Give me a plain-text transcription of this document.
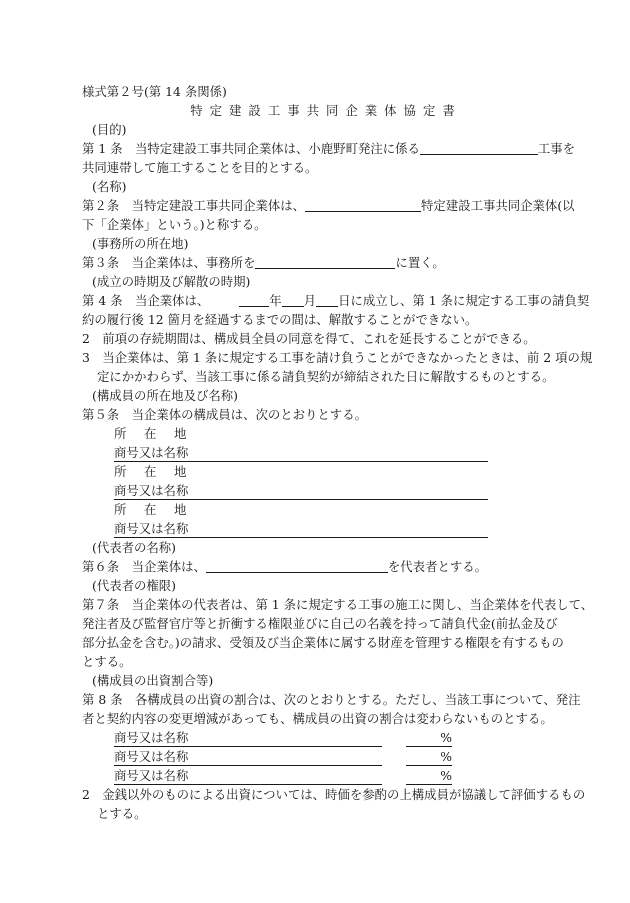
様式第２号(第 14 条関係)
特定建設工事共同企業体協定書
(目的)
第 1 条　 当特定建設工事共同企業体は、小鹿野町発注に係る	工事を
共同連帯して施工することを目的とする。
(名称)
第２条　 当特定建設工事共同企業体は、	特定建設工事共同企業体(以
下「企業体」という。)と称する。
(事務所の所在地)
第３条　 当企業体は、事務所を	に置く。
(成立の時期及び解散の時期)
第 4 条　 当企業体は、	年 月 日に成立し、第 1 条に規定する工事の請負契
約の履行後 12 箇月を経過するまでの間は、解散することができない。
2　前項の存続期間は、構成員全員の同意を得て、これを延長することができる。
3　当企業体は、第 1 条に規定する工事を請け負うことができなかったときは、前 2 項の規
定にかかわらず、当該工事に係る請負契約が締結された日に解散するものとする。
(構成員の所在地及び名称)
第５条　 当企業体の構成員は、次のとおりとする。
所 在 地
商号又は名称
所 在 地
商号又は名称
所 在 地
商号又は名称
(代表者の名称)
第６条　 当企業体は、	を代表者とする。
(代表者の権限)
第７条　 当企業体の代表者は、第 1 条に規定する工事の施工に関し、当企業体を代表して、
発注者及び監督官庁等と折衝する権限並びに自己の名義を持って請負代金(前払金及び
部分払金を含む。)の請求、受領及び当企業体に属する財産を管理する権限を有するもの
とする。
(構成員の出資割合等)
第 8 条　 各構成員の出資の割合は、次のとおりとする。ただし、当該工事について、発注
者と契約内容の変更増減があっても、構成員の出資の割合は変わらないものとする。
商号又は名称	%
商号又は名称	%
商号又は名称	%
2　金銭以外のものによる出資については、時価を参酌の上構成員が協議して評価するもの
とする。
